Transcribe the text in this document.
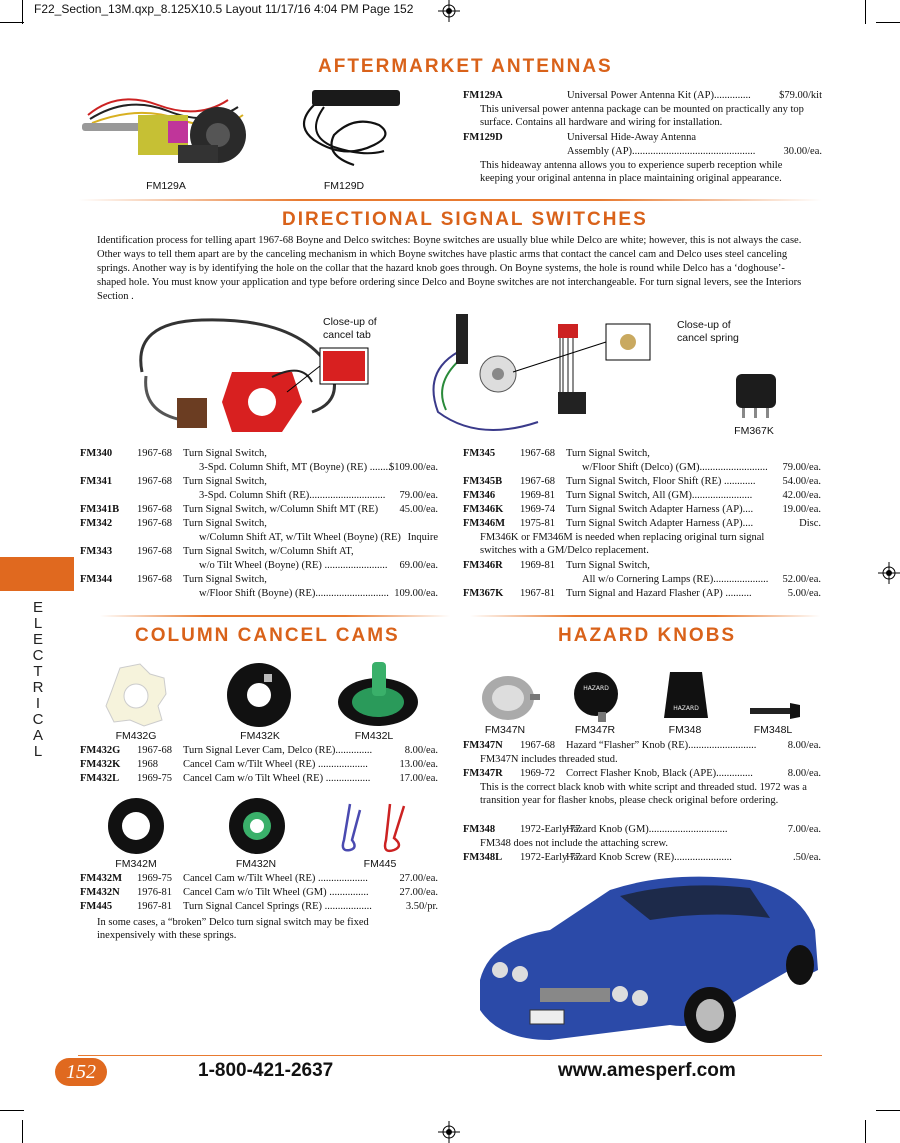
F22_Section_13M.qxp_8.125X10.5 Layout 11/17/16 4:04 PM Page 152
AFTERMARKET ANTENNAS
FM129A	FM129D
FM129A	Universal Power Antenna Kit (AP)..............	$79.00/kit
This universal power antenna package can be mounted on practically any top surface. Contains all hardware and wiring for installation.
FM129D	Universal Hide-Away Antenna
Assembly (AP)...............................................	30.00/ea.
This hideaway antenna allows you to experience superb reception while keeping your original antenna in place maintaining original appearance.
DIRECTIONAL SIGNAL SWITCHES
Identification process for telling apart 1967-68 Boyne and Delco switches: Boyne switches are usually blue while Delco are white; however, this is not always the case. Other ways to tell them apart are by the canceling mechanism in which Boyne switches have plastic arms that contact the cancel cam and Delco uses steel canceling springs. Another way is by identifying the hole on the collar that the hazard knob goes through. On Boyne systems, the hole is round while Delco has a ‘doghouse’-shaped hole. You must know your application and type before ordering since Delco and Boyne switches are not interchangeable. For turn signal levers, see the Interiors Section .
Close-up of cancel tab
Close-up of cancel spring
FM367K
FM340 1967-68 Turn Signal Switch,
3-Spd. Column Shift, MT (Boyne) (RE) ........
$109.00/ea.
FM341 1967-68 Turn Signal Switch,
3-Spd. Column Shift (RE).............................	79.00/ea.
FM341B 1967-68 Turn Signal Switch, w/Column Shift MT (RE)	45.00/ea.
FM342 1967-68 Turn Signal Switch,
w/Column Shift AT, w/Tilt Wheel (Boyne) (RE) Inquire
FM343 1967-68 Turn Signal Switch, w/Column Shift AT,
w/o Tilt Wheel (Boyne) (RE) ........................	69.00/ea.
FM344 1967-68 Turn Signal Switch,
w/Floor Shift (Boyne) (RE)............................ 109.00/ea.
FM345 1967-68 Turn Signal Switch,
w/Floor Shift (Delco) (GM)..........................	79.00/ea.
FM345B 1967-68 Turn Signal Switch, Floor Shift (RE) ............	54.00/ea.
FM346 1969-81 Turn Signal Switch, All (GM).......................	42.00/ea.
FM346K 1969-74 Turn Signal Switch Adapter Harness (AP)....	19.00/ea.
FM346M 1975-81 Turn Signal Switch Adapter Harness (AP)....	Disc.
FM346K or FM346M is needed when replacing original turn signal switches with a GM/Delco replacement.
FM346R 1969-81 Turn Signal Switch,
All w/o Cornering Lamps (RE).....................	52.00/ea.
FM367K 1967-81 Turn Signal and Hazard Flasher (AP) ..........	5.00/ea.
E
L
E
C
T
R
I
C
A
L
COLUMN CANCEL CAMS
FM432G	FM432K	FM432L
FM432G 1967-68 Turn Signal Lever Cam, Delco (RE)..............	8.00/ea.
FM432K 1968 Cancel Cam w/Tilt Wheel (RE) ...................	13.00/ea.
FM432L 1969-75 Cancel Cam w/o Tilt Wheel (RE) .................	17.00/ea.
FM342M	FM432N	FM445
FM432M 1969-75 Cancel Cam w/Tilt Wheel (RE) ...................	27.00/ea.
FM432N 1976-81 Cancel Cam w/o Tilt Wheel (GM) ...............	27.00/ea.
FM445 1967-81 Turn Signal Cancel Springs (RE) ..................	3.50/pr.
In some cases, a “broken” Delco turn signal switch may be fixed inexpensively with these springs.
HAZARD KNOBS
HAZARD
HAZARD
FM347N	FM347R	FM348	FM348L
FM347N 1967-68 Hazard “Flasher” Knob (RE)..........................	8.00/ea.
FM347N includes threaded stud.
FM347R 1969-72 Correct Flasher Knob, Black (APE)..............	8.00/ea.
This is the correct black knob with white script and threaded stud. 1972 was a transition year for flasher knobs, please check original before ordering.
FM348 1972-Early 77
Hazard Knob (GM)..............................	7.00/ea.
FM348 does not include the attaching screw.
FM348L 1972-Early 77
Hazard Knob Screw (RE)......................	.50/ea.
152	1-800-421-2637	www.amesperf.com
